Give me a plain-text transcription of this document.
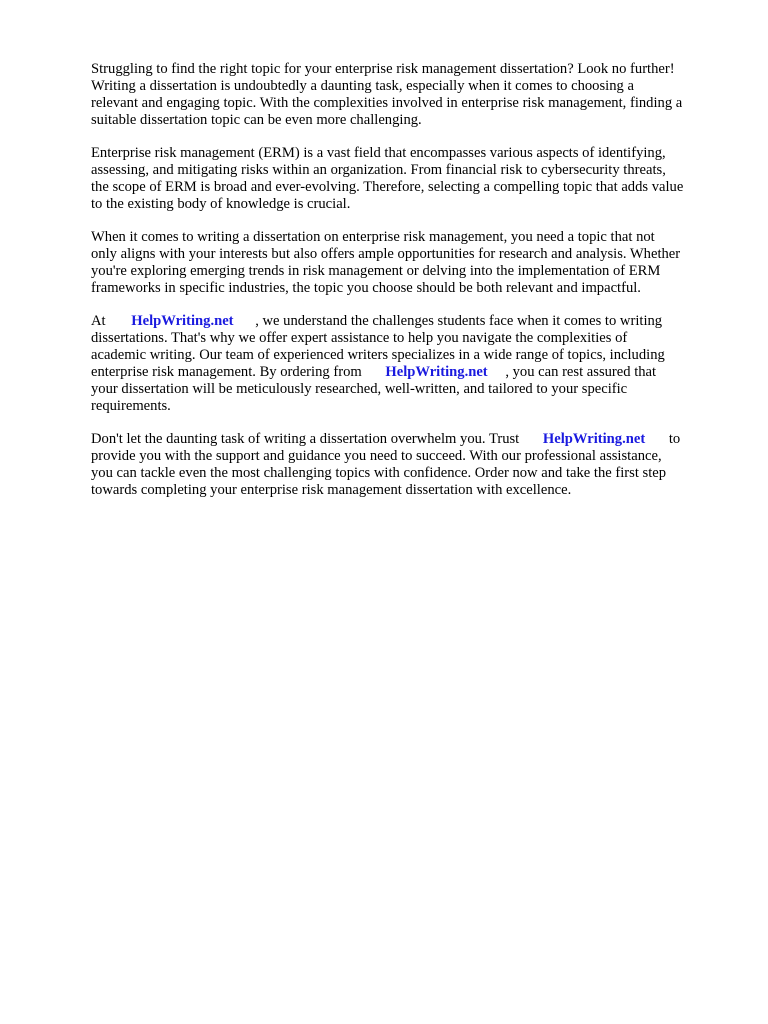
Struggling to find the right topic for your enterprise risk management dissertation? Look no further!
Writing a dissertation is undoubtedly a daunting task, especially when it comes to choosing a
relevant and engaging topic. With the complexities involved in enterprise risk management, finding a
suitable dissertation topic can be even more challenging.
Enterprise risk management (ERM) is a vast field that encompasses various aspects of identifying,
assessing, and mitigating risks within an organization. From financial risk to cybersecurity threats,
the scope of ERM is broad and ever-evolving. Therefore, selecting a compelling topic that adds value
to the existing body of knowledge is crucial.
When it comes to writing a dissertation on enterprise risk management, you need a topic that not
only aligns with your interests but also offers ample opportunities for research and analysis. Whether
you're exploring emerging trends in risk management or delving into the implementation of ERM
frameworks in specific industries, the topic you choose should be both relevant and impactful.
At HelpWriting.net , we understand the challenges students face when it comes to writing
dissertations. That's why we offer expert assistance to help you navigate the complexities of
academic writing. Our team of experienced writers specializes in a wide range of topics, including
enterprise risk management. By ordering from HelpWriting.net , you can rest assured that
your dissertation will be meticulously researched, well-written, and tailored to your specific
requirements.
Don't let the daunting task of writing a dissertation overwhelm you. Trust HelpWriting.net to
provide you with the support and guidance you need to succeed. With our professional assistance,
you can tackle even the most challenging topics with confidence. Order now and take the first step
towards completing your enterprise risk management dissertation with excellence.
